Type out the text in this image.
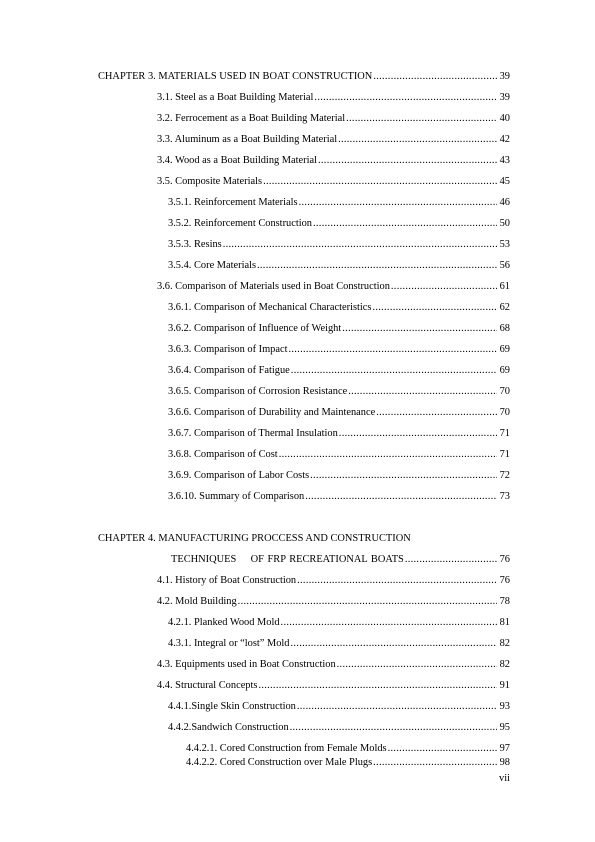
CHAPTER 3. MATERIALS USED IN BOAT CONSTRUCTION .....	39
3.1. Steel as a Boat Building Material .....	39
3.2. Ferrocement as a Boat Building Material .....	40
3.3. Aluminum as a Boat Building Material .....	42
3.4. Wood as a Boat Building Material .....	43
3.5. Composite Materials .....	45
3.5.1. Reinforcement Materials .....	46
3.5.2. Reinforcement Construction .....	50
3.5.3. Resins .....	53
3.5.4. Core Materials .....	56
3.6. Comparison of Materials used in Boat Construction .....	61
3.6.1. Comparison of Mechanical Characteristics .....	62
3.6.2. Comparison of Influence of Weight .....	68
3.6.3. Comparison of Impact .....	69
3.6.4. Comparison of Fatigue .....	69
3.6.5. Comparison of Corrosion Resistance .....	70
3.6.6. Comparison of Durability and Maintenance .....	70
3.6.7. Comparison of Thermal Insulation .....	71
3.6.8. Comparison of Cost .....	71
3.6.9. Comparison of Labor Costs .....	72
3.6.10. Summary of Comparison .....	73
CHAPTER 4. MANUFACTURING PROCCESS AND CONSTRUCTION
TECHNIQUES    OF FRP RECREATIONAL BOATS .....	76
4.1. History of Boat Construction .....	76
4.2. Mold Building .....	78
4.2.1. Planked Wood Mold .....	81
4.3.1. Integral or “lost” Mold .....	82
4.3. Equipments used in Boat Construction .....	82
4.4. Structural Concepts .....	91
4.4.1.Single Skin Construction .....	93
4.4.2.Sandwich Construction .....	95
4.4.2.1. Cored Construction from Female Molds .....	97
4.4.2.2. Cored Construction over Male Plugs .....	98
vii
